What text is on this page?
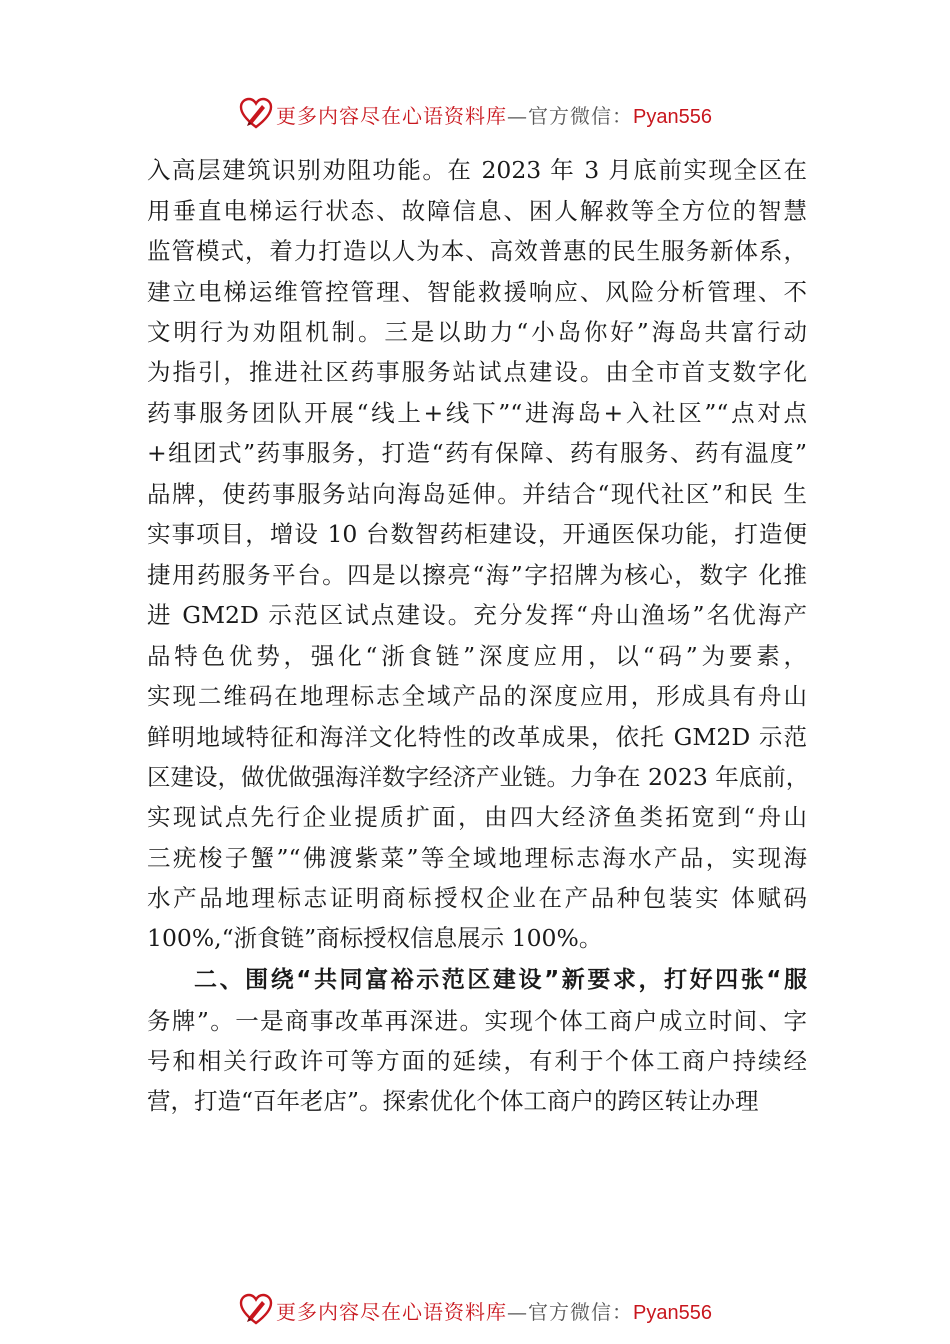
更多内容尽在心语资料库—官方微信：Pyan556
入高层建筑识别劝阻功能。在 2023 年 3 月底前实现全区在
用垂直电梯运行状态、故障信息、困人解救等全方位的智慧
监管模式，着力打造以人为本、高效普惠的民生服务新体系，
建立电梯运维管控管理、智能救援响应、风险分析管理、不
文明行为劝阻机制。三是以助力“小岛你好”海岛共富行动
为指引，推进社区药事服务站试点建设。由全市首支数字化
药事服务团队开展“线上+线下”“进海岛+入社区”“点对点
+组团式”药事服务，打造“药有保障、药有服务、药有温度”
品牌，使药事服务站向海岛延伸。并结合“现代社区”和民 生
实事项目，增设 10 台数智药柜建设，开通医保功能，打造便
捷用药服务平台。四是以擦亮“海”字招牌为核心，数字 化推
进 GM2D 示范区试点建设。充分发挥“舟山渔场”名优海产
品特色优势，强化“浙食链”深度应用，以“码”为要素，
实现二维码在地理标志全域产品的深度应用，形成具有舟山
鲜明地域特征和海洋文化特性的改革成果，依托 GM2D 示范
区建设，做优做强海洋数字经济产业链。力争在 2023 年底前，
实现试点先行企业提质扩面，由四大经济鱼类拓宽到“舟山
三疣梭子蟹”“佛渡紫菜”等全域地理标志海水产品，实现海
水产品地理标志证明商标授权企业在产品种包装实 体赋码
100%,“浙食链”商标授权信息展示 100%。
二、围绕“共同富裕示范区建设”新要求，打好四张“服
务牌”。一是商事改革再深进。实现个体工商户成立时间、字
号和相关行政许可等方面的延续，有利于个体工商户持续经
营，打造“百年老店”。探索优化个体工商户的跨区转让办理
更多内容尽在心语资料库—官方微信：Pyan556
